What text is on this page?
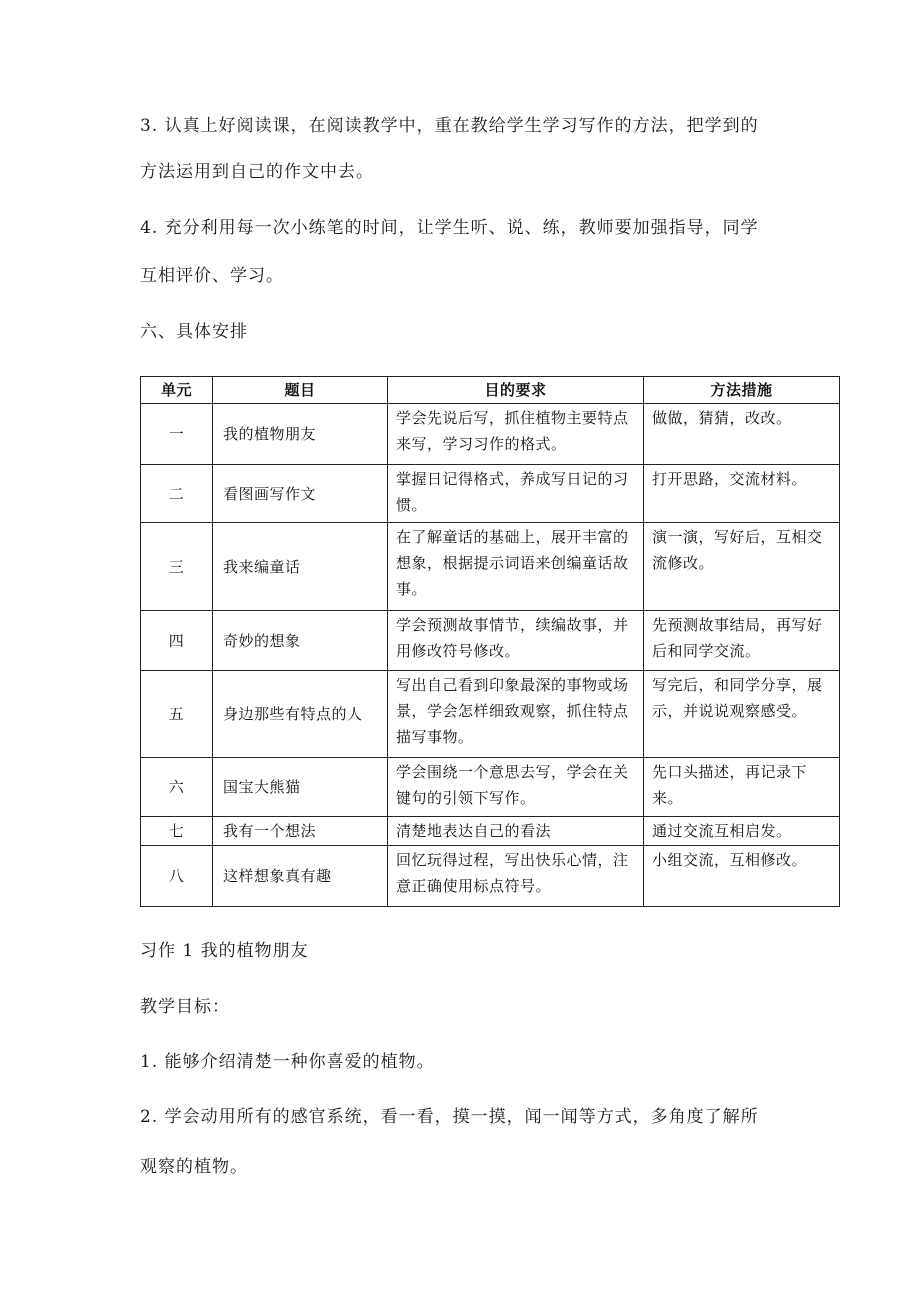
3. 认真上好阅读课，在阅读教学中，重在教给学生学习写作的方法，把学到的
方法运用到自己的作文中去。
4. 充分利用每一次小练笔的时间，让学生听、说、练，教师要加强指导，同学
互相评价、学习。
六、具体安排
单元	题目	目的要求	方法措施
一	我的植物朋友	学会先说后写，抓住植物主要特点来写，学习习作的格式。	做做，猜猜，改改。
二	看图画写作文	掌握日记得格式，养成写日记的习惯。	打开思路，交流材料。
三	我来编童话	在了解童话的基础上，展开丰富的想象，根据提示词语来创编童话故事。	演一演，写好后，互相交流修改。
四	奇妙的想象	学会预测故事情节，续编故事，并用修改符号修改。	先预测故事结局，再写好后和同学交流。
五	身边那些有特点的人	写出自己看到印象最深的事物或场景，学会怎样细致观察，抓住特点描写事物。	写完后，和同学分享，展示，并说说观察感受。
六	国宝大熊猫	学会围绕一个意思去写，学会在关键句的引领下写作。	先口头描述，再记录下来。
七	我有一个想法	清楚地表达自己的看法	通过交流互相启发。
八	这样想象真有趣	回忆玩得过程，写出快乐心情，注意正确使用标点符号。	小组交流，互相修改。
习作 1 我的植物朋友
教学目标：
1. 能够介绍清楚一种你喜爱的植物。
2. 学会动用所有的感官系统，看一看，摸一摸，闻一闻等方式，多角度了解所
观察的植物。
